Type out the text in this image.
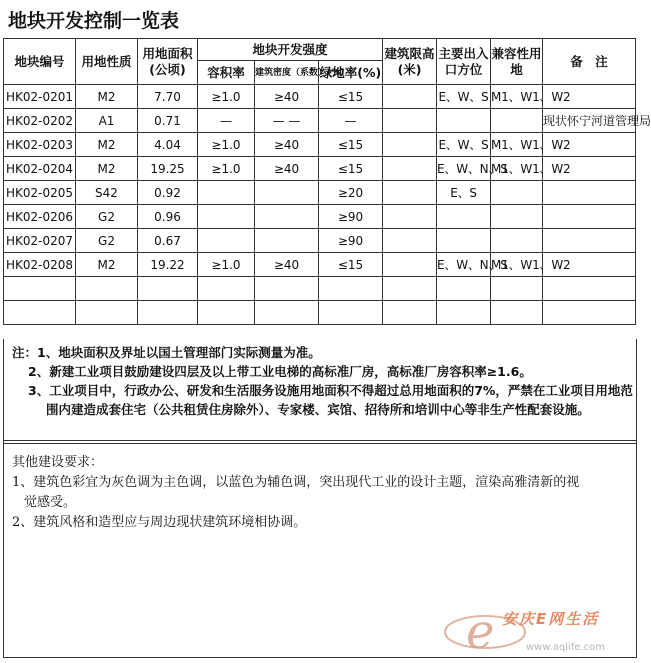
地块开发控制一览表
地块编号	用地性质	用地面积(公顷)	地块开发强度			建筑限高(米)	主要出入口方位	兼容性用地	备　注
			容积率	建筑密度（系数）(%)	绿地率(%)				
HK02-0201	M2	7.70	≥1.0	≥40	≤15		E、W、S	M1、W1、W2	
HK02-0202	A1	0.71	—	— —	—				现状怀宁河道管理局
HK02-0203	M2	4.04	≥1.0	≥40	≤15		E、W、S	M1、W1、W2	
HK02-0204	M2	19.25	≥1.0	≥40	≤15		E、W、N、S	M1、W1、W2	
HK02-0205	S42	0.92			≥20		E、S		
HK02-0206	G2	0.96			≥90				
HK02-0207	G2	0.67			≥90				
HK02-0208	M2	19.22	≥1.0	≥40	≤15		E、W、N、S	M1、W1、W2	

注：1、地块面积及界址以国土管理部门实际测量为准。
2、新建工业项目鼓励建设四层及以上带工业电梯的高标准厂房，高标准厂房容积率≥1.6。
3、工业项目中，行政办公、研发和生活服务设施用地面积不得超过总用地面积的7%，严禁在工业项目用地范
围内建造成套住宅（公共租赁住房除外）、专家楼、宾馆、招待所和培训中心等非生产性配套设施。
其他建设要求：
1、建筑色彩宜为灰色调为主色调，以蓝色为辅色调，突出现代工业的设计主题，渲染高雅清新的视
觉感受。
2、建筑风格和造型应与周边现状建筑环境相协调。
e 安庆E网生活
www.aqlife.com
